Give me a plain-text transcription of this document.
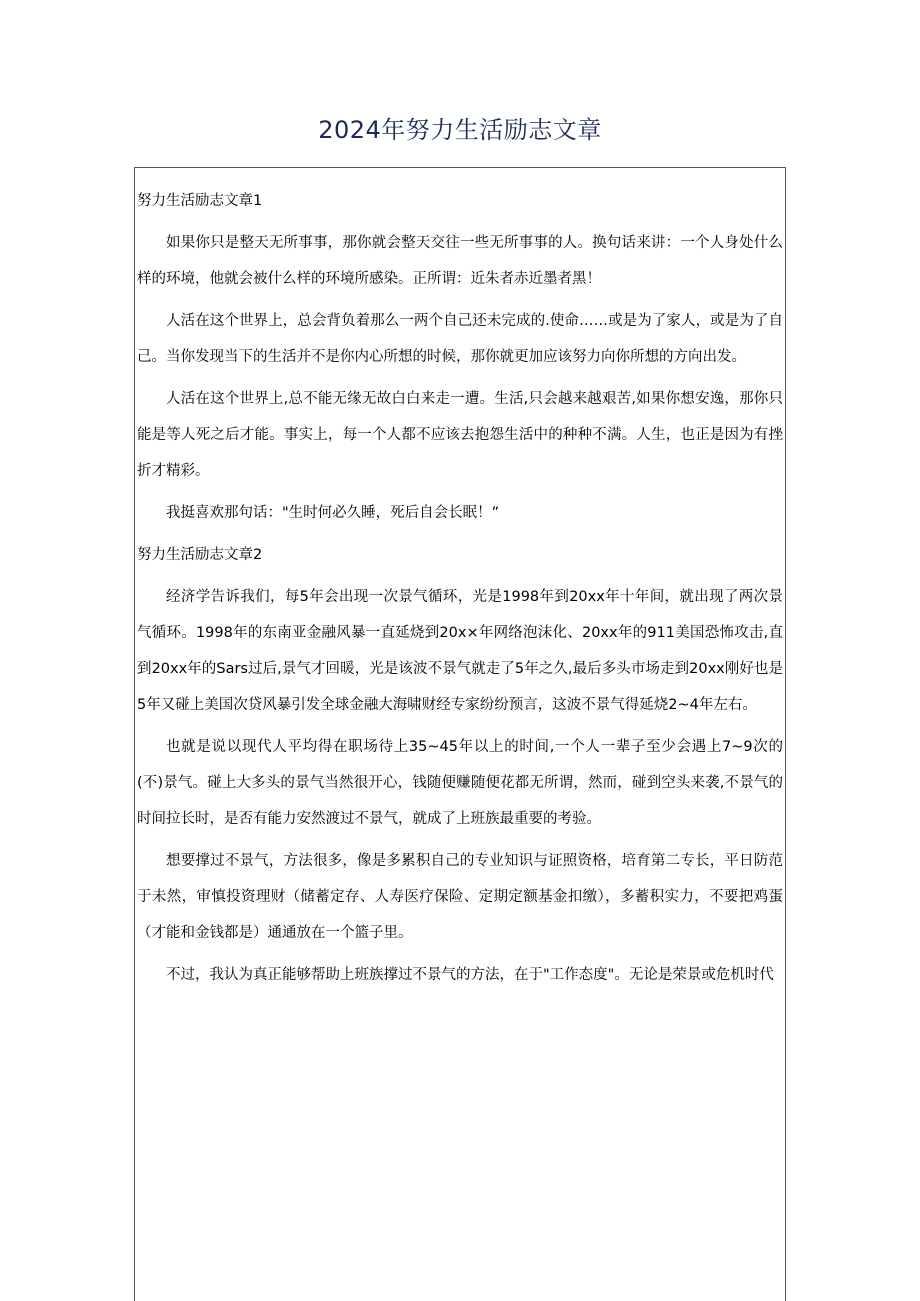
2024年努力生活励志文章
努力生活励志文章1

如果你只是整天无所事事，那你就会整天交往一些无所事事的人。换句话来讲：一个人身处什么样的环境，他就会被什么样的环境所感染。正所谓：近朱者赤近墨者黑！

人活在这个世界上，总会背负着那么一两个自己还未完成的.使命……或是为了家人，或是为了自己。当你发现当下的生活并不是你内心所想的时候，那你就更加应该努力向你所想的方向出发。

人活在这个世界上,总不能无缘无故白白来走一遭。生活,只会越来越艰苦,如果你想安逸，那你只能是等人死之后才能。事实上，每一个人都不应该去抱怨生活中的种种不满。人生，也正是因为有挫折才精彩。

我挺喜欢那句话："生时何必久睡，死后自会长眠！”

努力生活励志文章2

经济学告诉我们，每5年会出现一次景气循环，光是1998年到20xx年十年间，就出现了两次景气循环。1998年的东南亚金融风暴一直延烧到20x×年网络泡沫化、20xx年的911美国恐怖攻击,直到20xx年的Sars过后,景气才回暖，光是该波不景气就走了5年之久,最后多头市场走到20xx刚好也是5年又碰上美国次贷风暴引发全球金融大海啸财经专家纷纷预言，这波不景气得延烧2~4年左右。

也就是说以现代人平均得在职场待上35~45年以上的时间,一个人一辈子至少会遇上7~9次的(不)景气。碰上大多头的景气当然很开心，钱随便赚随便花都无所谓，然而，碰到空头来袭,不景气的时间拉长时，是否有能力安然渡过不景气，就成了上班族最重要的考验。

想要撑过不景气，方法很多，像是多累积自己的专业知识与证照资格，培育第二专长，平日防范于未然，审慎投资理财（储蓄定存、人寿医疗保险、定期定额基金扣缴），多蓄积实力，不要把鸡蛋（才能和金钱都是）通通放在一个篮子里。

不过，我认为真正能够帮助上班族撑过不景气的方法，在于"工作态度"。无论是荣景或危机时代
